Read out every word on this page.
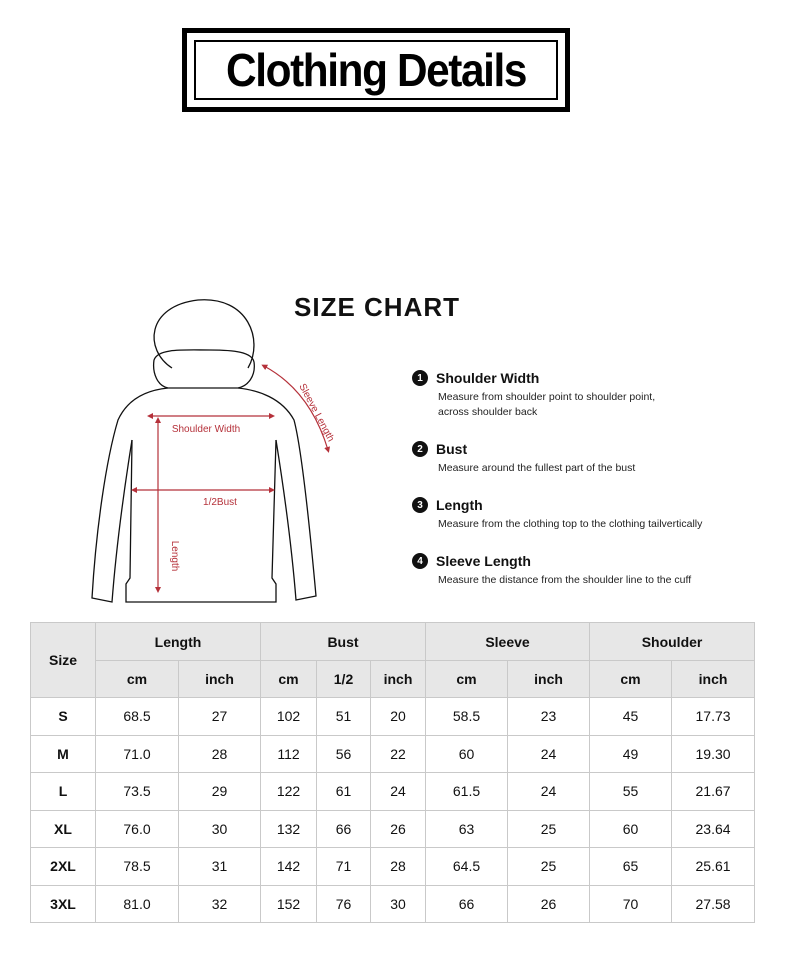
Clothing Details
SIZE CHART
Shoulder Width
1/2Bust
Length
Sleeve Length
1 Shoulder Width
Measure from shoulder point to shoulder point,
across shoulder back
2 Bust
Measure around the fullest part of the bust
3 Length
Measure from the clothing top to the clothing tailvertically
4 Sleeve Length
Measure the distance from the shoulder line to the cuff
Size	Length		Bust			Sleeve		Shoulder	
	cm	inch	cm	1/2	inch	cm	inch	cm	inch
S	68.5	27	102	51	20	58.5	23	45	17.73
M	71.0	28	112	56	22	60	24	49	19.30
L	73.5	29	122	61	24	61.5	24	55	21.67
XL	76.0	30	132	66	26	63	25	60	23.64
2XL	78.5	31	142	71	28	64.5	25	65	25.61
3XL	81.0	32	152	76	30	66	26	70	27.58
